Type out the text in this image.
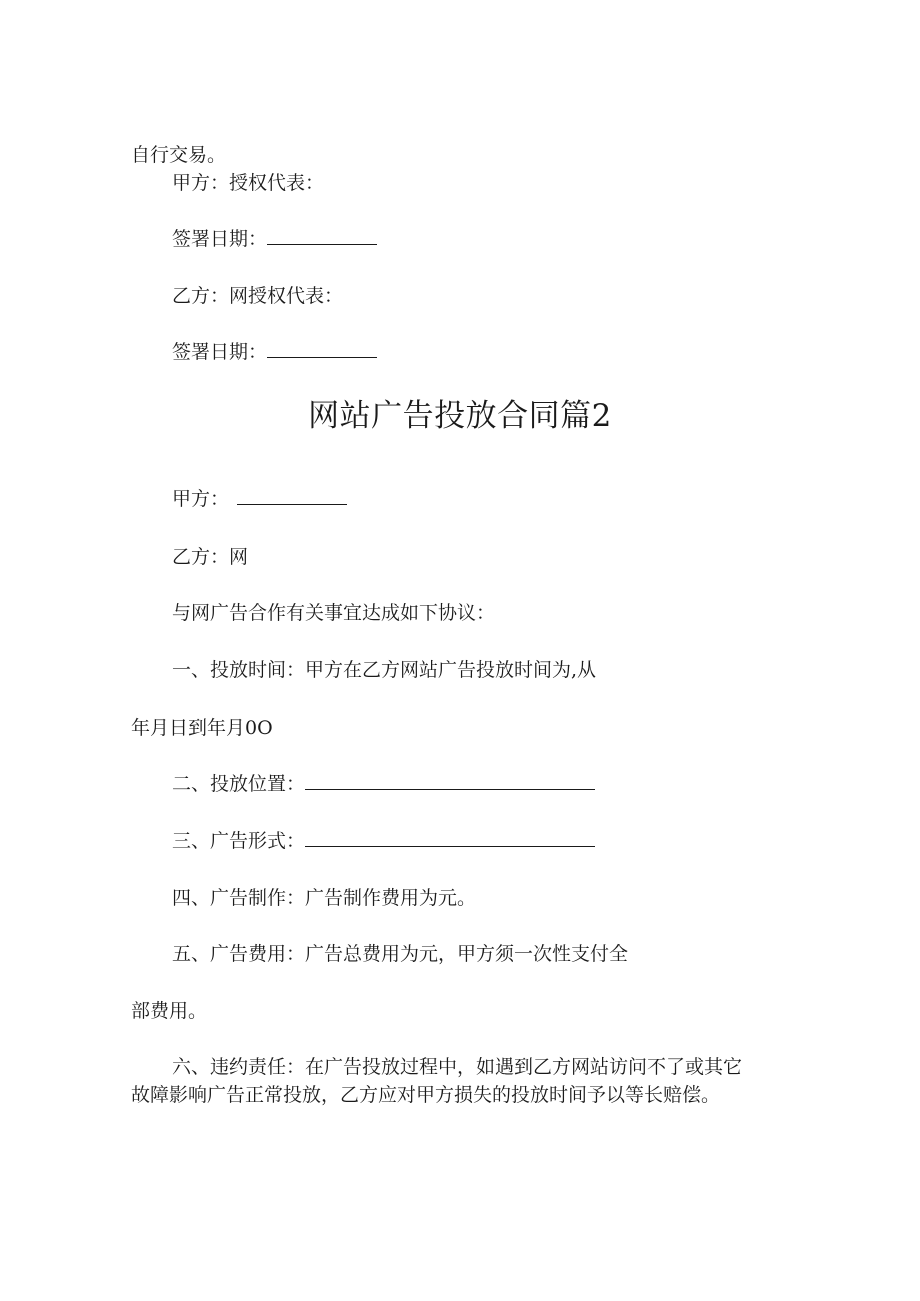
自行交易。
甲方：授权代表：
签署日期：
乙方：网授权代表：
签署日期：
网站广告投放合同篇2
甲方：
乙方：网
与网广告合作有关事宜达成如下协议：
一、投放时间：甲方在乙方网站广告投放时间为,从
年月日到年月0O
二、投放位置：
三、广告形式：
四、广告制作：广告制作费用为元。
五、广告费用：广告总费用为元，甲方须一次性支付全
部费用。
六、违约责任：在广告投放过程中，如遇到乙方网站访问不了或其它
故障影响广告正常投放，乙方应对甲方损失的投放时间予以等长赔偿。
